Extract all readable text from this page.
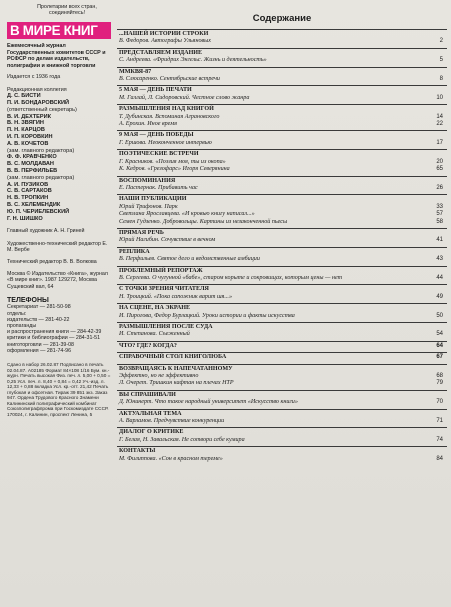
Пролетарии всех стран, соединяйтесь!
В МИРЕ КНИГ
Ежемесячный журнал Государственных комитетов СССР и РСФСР по делам издательств, полиграфии и книжной торговли
Издается с 1936 года
Редакционная коллегия
Д. С. БИСТИ
П. И. БОНДАРОВСКИЙ
(ответственный секретарь)
В. И. ДЕХТЕРИК
В. Н. ЗВЯГИН
П. Н. КАРЦОВ
И. П. КОРОВКИН
А. В. КОЧЕТОВ
(зам. главного редактора)
Ф. Ф. КРАВЧЕНКО
В. С. МОЛДАВАН
В. В. ПЕРФИЛЬЕВ
(зам. главного редактора)
А. И. ПУЗИКОВ
С. В. САРТАКОВ
Н. В. ТРОПКИН
В. С. ХЕЛЕМЕНДИК
Ю. П. ЧЕРИЕЛЕВСКИЙ
Г. Н. ШИШКО
Главный художник А. Н. Гриней
Художественно-технический редактор Е. М. Вербе
Технический редактор В. В. Волкова
Москва © Издательство «Книга», журнал «В мире книг». 1987 129272, Москва Сущевский вал, 64
ТЕЛЕФОНЫ
Секретариат — 281-50-98
отделы:
издательств — 281-40-22
пропаганды
и распространения книги — 284-42-39
критики и библиографии — 284-31-51
книготорговли — 281-39-08
оформления — 281-74-96
Сдано в набор 26.02.87 Подписано в печать 02.04.87. А02185 Формат 84×108 1/16 Бум. кн.-журн. Печать высокая Физ. печ. л. 5,00 + 0,50 = 0,25 Усл. печ. л. 8,40 + 0,84 = 0,42 Уч.-изд. л. 12,33 + 0,88 вкладка Усл. кр.-отт. 21,42 Печать глубокая и офсетная. Тираж 39 851 экз. Заказ 947. Ордена Трудового Красного Знамени Калининский полиграфический комбинат Союзполиграфпрома при Госкомиздате СССР. 170024, г. Калинин, проспект Ленина, 5
Содержание
...НАШЕЙ ИСТОРИИ СТРОКИ
В. Федоров. Автографы Ульяновых	2
ПРЕДСТАВЛЯЕМ ИЗДАНИЕ
С. Андреева. «Фридрих Энгельс. Жизнь и деятельность»	5
ММКВЯ-87
В. Слюсаренко. Сентябрьские встречи	8
5 МАЯ — ДЕНЬ ПЕЧАТИ
М. Галлай, Л. Сидоровский. Честное слово жанра	10
РАЗМЫШЛЕНИЯ НАД КНИГОЙ
Т. Дубинская. Вспоминая Аграновского	14
А. Ерохин. Иное время	22
9 МАЯ — ДЕНЬ ПОБЕДЫ
Г. Ершова. Неоконченное интервью	17
ПОЭТИЧЕСКИЕ ВСТРЕЧИ
Г. Красников. «Поэзия моя, ты из окопа»	20
К. Кедров. «Грезофарс» Игоря Северянина	65
ВОСПОМИНАНИЯ
Е. Пастернак. Прибавить час	26
НАШИ ПУБЛИКАЦИИ
Юрий Трифонов. Парк	33
Светлана Ярославцева. «И кровью книгу написал...»	57
Семен Гудзенко. Добровольцы. Картины из незаконченной пьесы	58
ПРЯМАЯ РЕЧЬ
Юрий Нагибин. Сочувствие в вечном	41
РЕПЛИКА
В. Перфильев. Святое дело и ведомственные амбиции	43
ПРОБЛЕМНЫЙ РЕПОРТАЖ
В. Сергеева. О чугунной «бабе», старом корыте и сокровищах, которым цены — нет	44
С ТОЧКИ ЗРЕНИЯ ЧИТАТЕЛЯ
Н. Троицкий. «Пока сапожник варит шя...»	49
НА СЦЕНЕ, НА ЭКРАНЕ
И. Пирогова, Федор Бурлацкий. Уроки истории и факты искусства	50
РАЗМЫШЛЕНИЯ ПОСЛЕ СУДА
И. Степанова. Съеженный	54
ЧТО? ГДЕ? КОГДА?	64
СПРАВОЧНЫЙ СТОЛ КНИГОЛЮБА	67
ВОЗВРАЩАЯСЬ К НАПЕЧАТАННОМУ
Эффектно, но не эффективно	68
Л. Очерет. Тришкин кафтан на плечах НТР	79
ВЫ СПРАШИВАЛИ
Д. Юнинерт. Что такое народный университет «Искусство книги»	70
АКТУАЛЬНАЯ ТЕМА
А. Варламов. Предчувствие конкуренции	71
ДИАЛОГ О КРИТИКЕ
Г. Белая, Н. Завальская. Не сотвори себе кумира	74
КОНТАКТЫ
М. Филиппова. «Сон в красном тереме»	84
